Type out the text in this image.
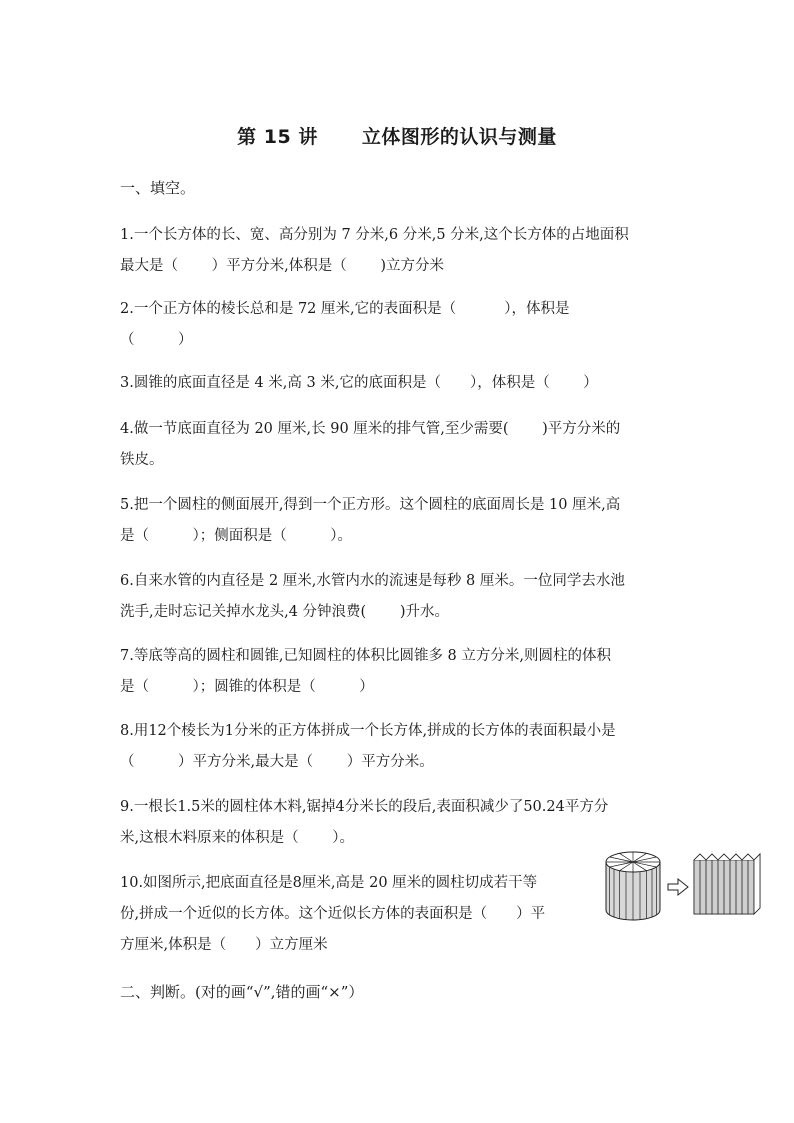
第 15 讲 立体图形的认识与测量
一、填空。
1.一个长方体的长、宽、高分别为 7 分米,6 分米,5 分米,这个长方体的占地面积
最大是（　　 ）平方分米,体积是（　　 )立方分米
2.一个正方体的棱长总和是 72 厘米,它的表面积是（　　　 ），体积是
（　　　）
3.圆锥的底面直径是 4 米,高 3 米,它的底面积是（　　），体积是（　　 ）
4.做一节底面直径为 20 厘米,长 90 厘米的排气管,至少需要(　　 )平方分米的
铁皮。
5.把一个圆柱的侧面展开,得到一个正方形。这个圆柱的底面周长是 10 厘米,高
是（　　　）；侧面积是（　　　）。
6.自来水管的内直径是 2 厘米,水管内水的流速是每秒 8 厘米。一位同学去水池
洗手,走时忘记关掉水龙头,4 分钟浪费(　　 )升水。
7.等底等高的圆柱和圆锥,已知圆柱的体积比圆锥多 8 立方分米,则圆柱的体积
是（　　　）；圆锥的体积是（　　　）
8.用12个棱长为1分米的正方体拼成一个长方体,拼成的长方体的表面积最小是
（　　　）平方分米,最大是（　　 ）平方分米。
9.一根长1.5米的圆柱体木料,锯掉4分米长的段后,表面积减少了50.24平方分
米,这根木料原来的体积是（　　 ）。
10.如图所示,把底面直径是8厘米,高是 20 厘米的圆柱切成若干等
份,拼成一个近似的长方体。这个近似长方体的表面积是（　　）平
方厘米,体积是（　　）立方厘米
二、判断。(对的画“√”,错的画“×”）
